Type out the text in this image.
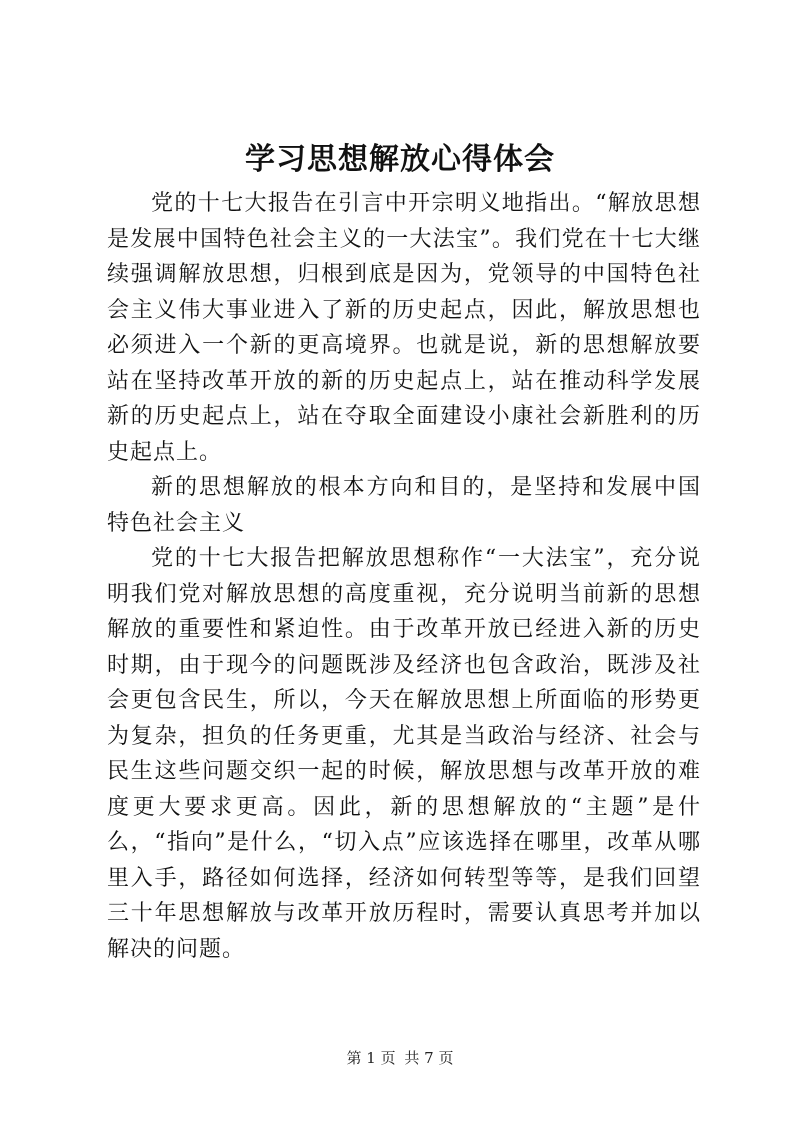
学习思想解放心得体会

党的十七大报告在引言中开宗明义地指出。“解放思想是发展中国特色社会主义的一大法宝”。我们党在十七大继续强调解放思想，归根到底是因为，党领导的中国特色社会主义伟大事业进入了新的历史起点，因此，解放思想也必须进入一个新的更高境界。也就是说，新的思想解放要站在坚持改革开放的新的历史起点上，站在推动科学发展新的历史起点上，站在夺取全面建设小康社会新胜利的历史起点上。

新的思想解放的根本方向和目的，是坚持和发展中国特色社会主义

党的十七大报告把解放思想称作“一大法宝”，充分说明我们党对解放思想的高度重视，充分说明当前新的思想解放的重要性和紧迫性。由于改革开放已经进入新的历史时期，由于现今的问题既涉及经济也包含政治，既涉及社会更包含民生，所以，今天在解放思想上所面临的形势更为复杂，担负的任务更重，尤其是当政治与经济、社会与民生这些问题交织一起的时候，解放思想与改革开放的难度更大要求更高。因此，新的思想解放的“主题”是什么，“指向”是什么，“切入点”应该选择在哪里，改革从哪里入手，路径如何选择，经济如何转型等等，是我们回望三十年思想解放与改革开放历程时，需要认真思考并加以解决的问题。

第 1 页 共 7 页
